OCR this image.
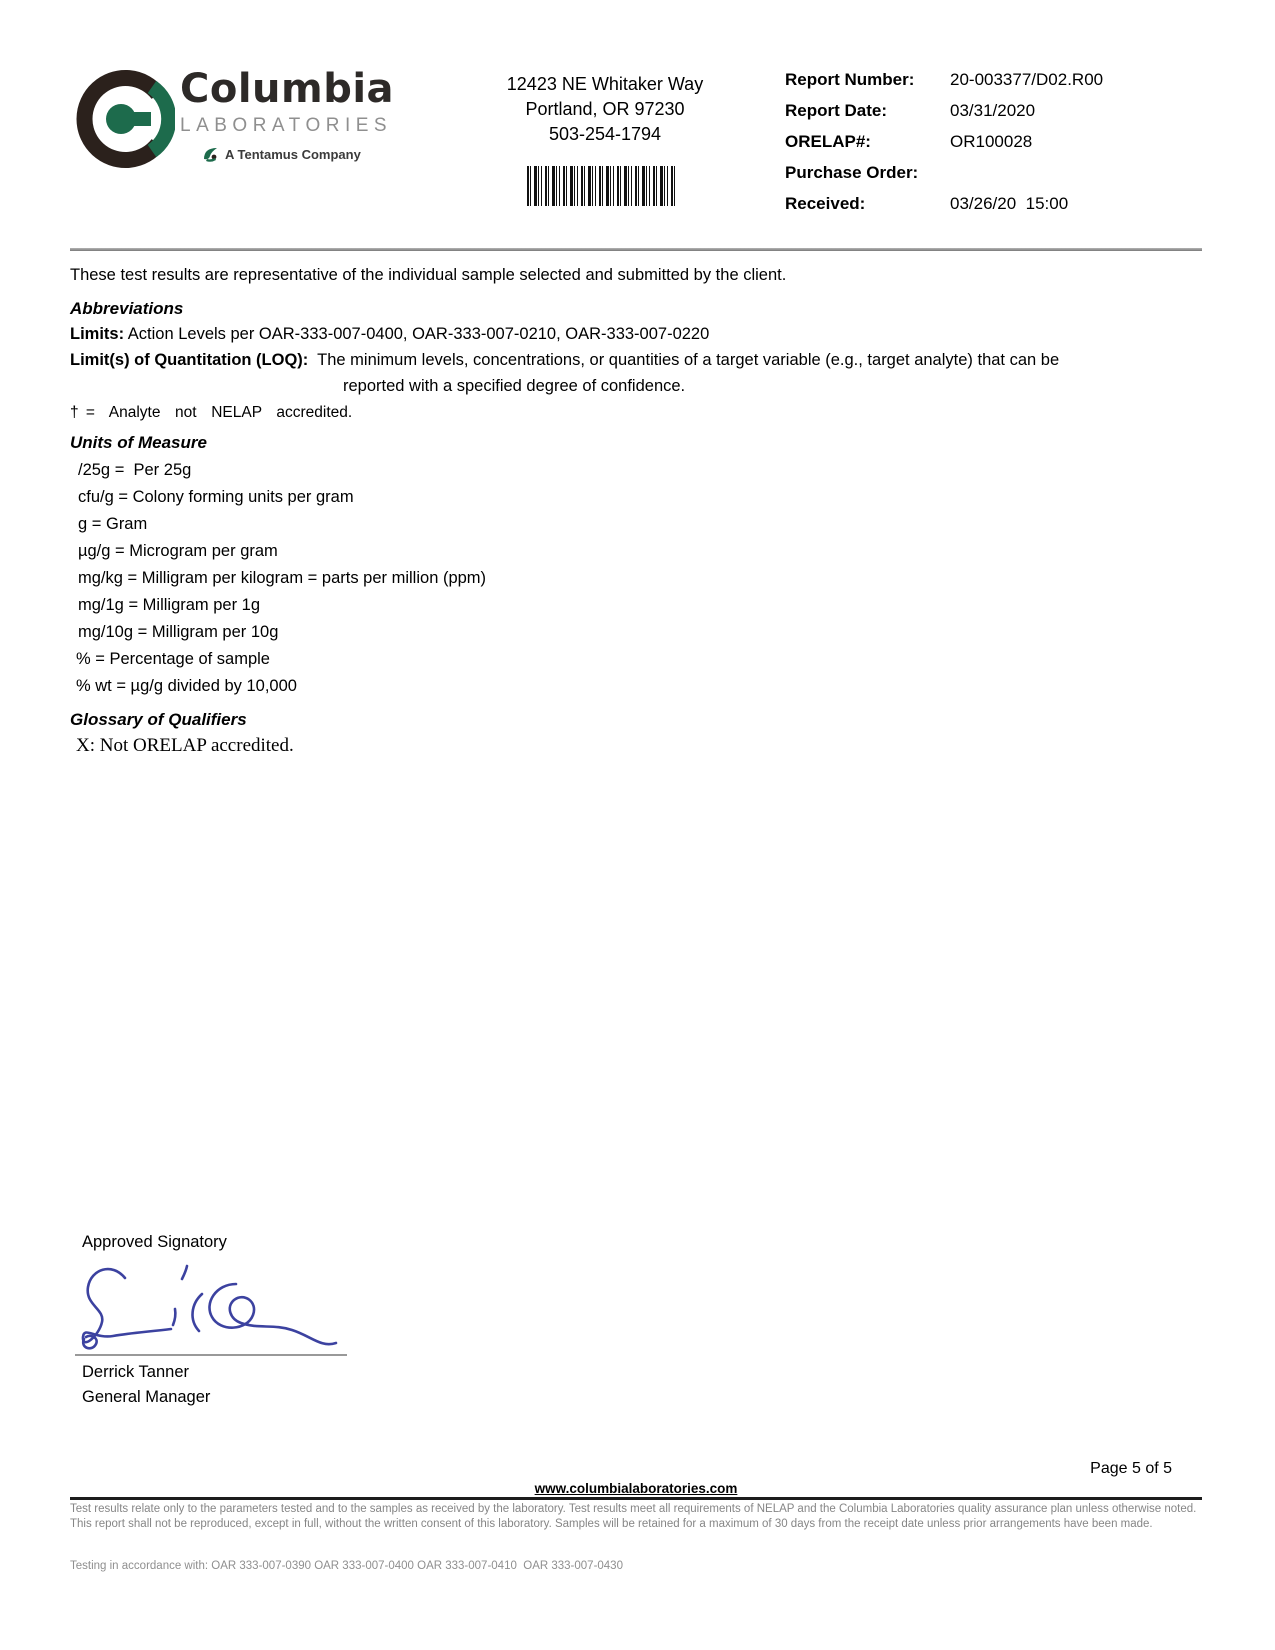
Columbia
LABORATORIES
A Tentamus Company
12423 NE Whitaker Way
Portland, OR 97230
503-254-1794
Report Number:	20-003377/D02.R00
Report Date:	03/31/2020
ORELAP#:	OR100028
Purchase Order:
Received:	03/26/20  15:00
These test results are representative of the individual sample selected and submitted by the client.
Abbreviations
Limits: Action Levels per OAR-333-007-0400, OAR-333-007-0210, OAR-333-007-0220
Limit(s) of Quantitation (LOQ):  The minimum levels, concentrations, or quantities of a target variable (e.g., target analyte) that can be
reported with a specified degree of confidence.
† =  Analyte  not  NELAP  accredited.
Units of Measure
/25g =  Per 25g
cfu/g = Colony forming units per gram
g = Gram
µg/g = Microgram per gram
mg/kg = Milligram per kilogram = parts per million (ppm)
mg/1g = Milligram per 1g
mg/10g = Milligram per 10g
% = Percentage of sample
% wt = µg/g divided by 10,000
Glossary of Qualifiers
X: Not ORELAP accredited.
Approved Signatory
Derrick Tanner
General Manager
Page 5 of 5
www.columbialaboratories.com
Test results relate only to the parameters tested and to the samples as received by the laboratory. Test results meet all requirements of NELAP and the Columbia Laboratories quality assurance plan unless otherwise noted. This report shall not be reproduced, except in full, without the written consent of this laboratory. Samples will be retained for a maximum of 30 days from the receipt date unless prior arrangements have been made.
Testing in accordance with: OAR 333-007-0390 OAR 333-007-0400 OAR 333-007-0410  OAR 333-007-0430
